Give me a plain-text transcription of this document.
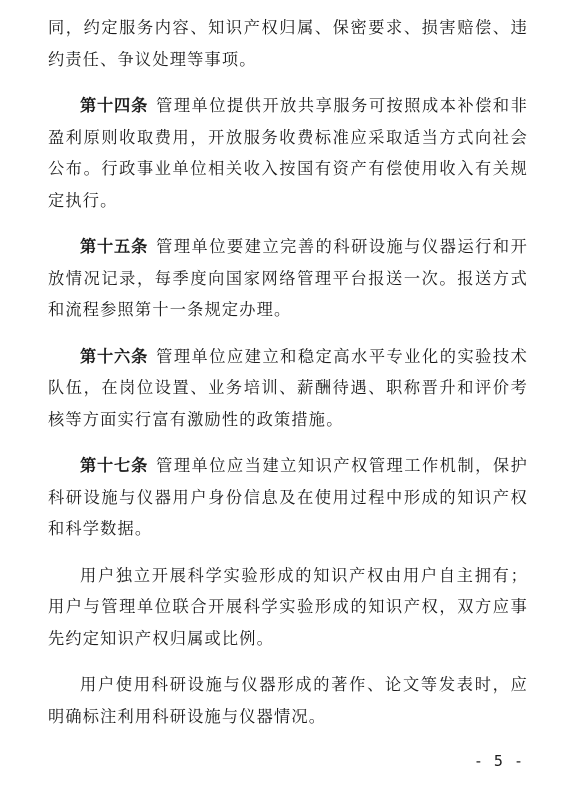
同，约定服务内容、知识产权归属、保密要求、损害赔偿、违约责任、争议处理等事项。

第十四条 管理单位提供开放共享服务可按照成本补偿和非盈利原则收取费用，开放服务收费标准应采取适当方式向社会公布。行政事业单位相关收入按国有资产有偿使用收入有关规定执行。

第十五条 管理单位要建立完善的科研设施与仪器运行和开放情况记录，每季度向国家网络管理平台报送一次。报送方式和流程参照第十一条规定办理。

第十六条 管理单位应建立和稳定高水平专业化的实验技术队伍，在岗位设置、业务培训、薪酬待遇、职称晋升和评价考核等方面实行富有激励性的政策措施。

第十七条 管理单位应当建立知识产权管理工作机制，保护科研设施与仪器用户身份信息及在使用过程中形成的知识产权和科学数据。

用户独立开展科学实验形成的知识产权由用户自主拥有；用户与管理单位联合开展科学实验形成的知识产权，双方应事先约定知识产权归属或比例。

用户使用科研设施与仪器形成的著作、论文等发表时，应明确标注利用科研设施与仪器情况。

- 5 -
